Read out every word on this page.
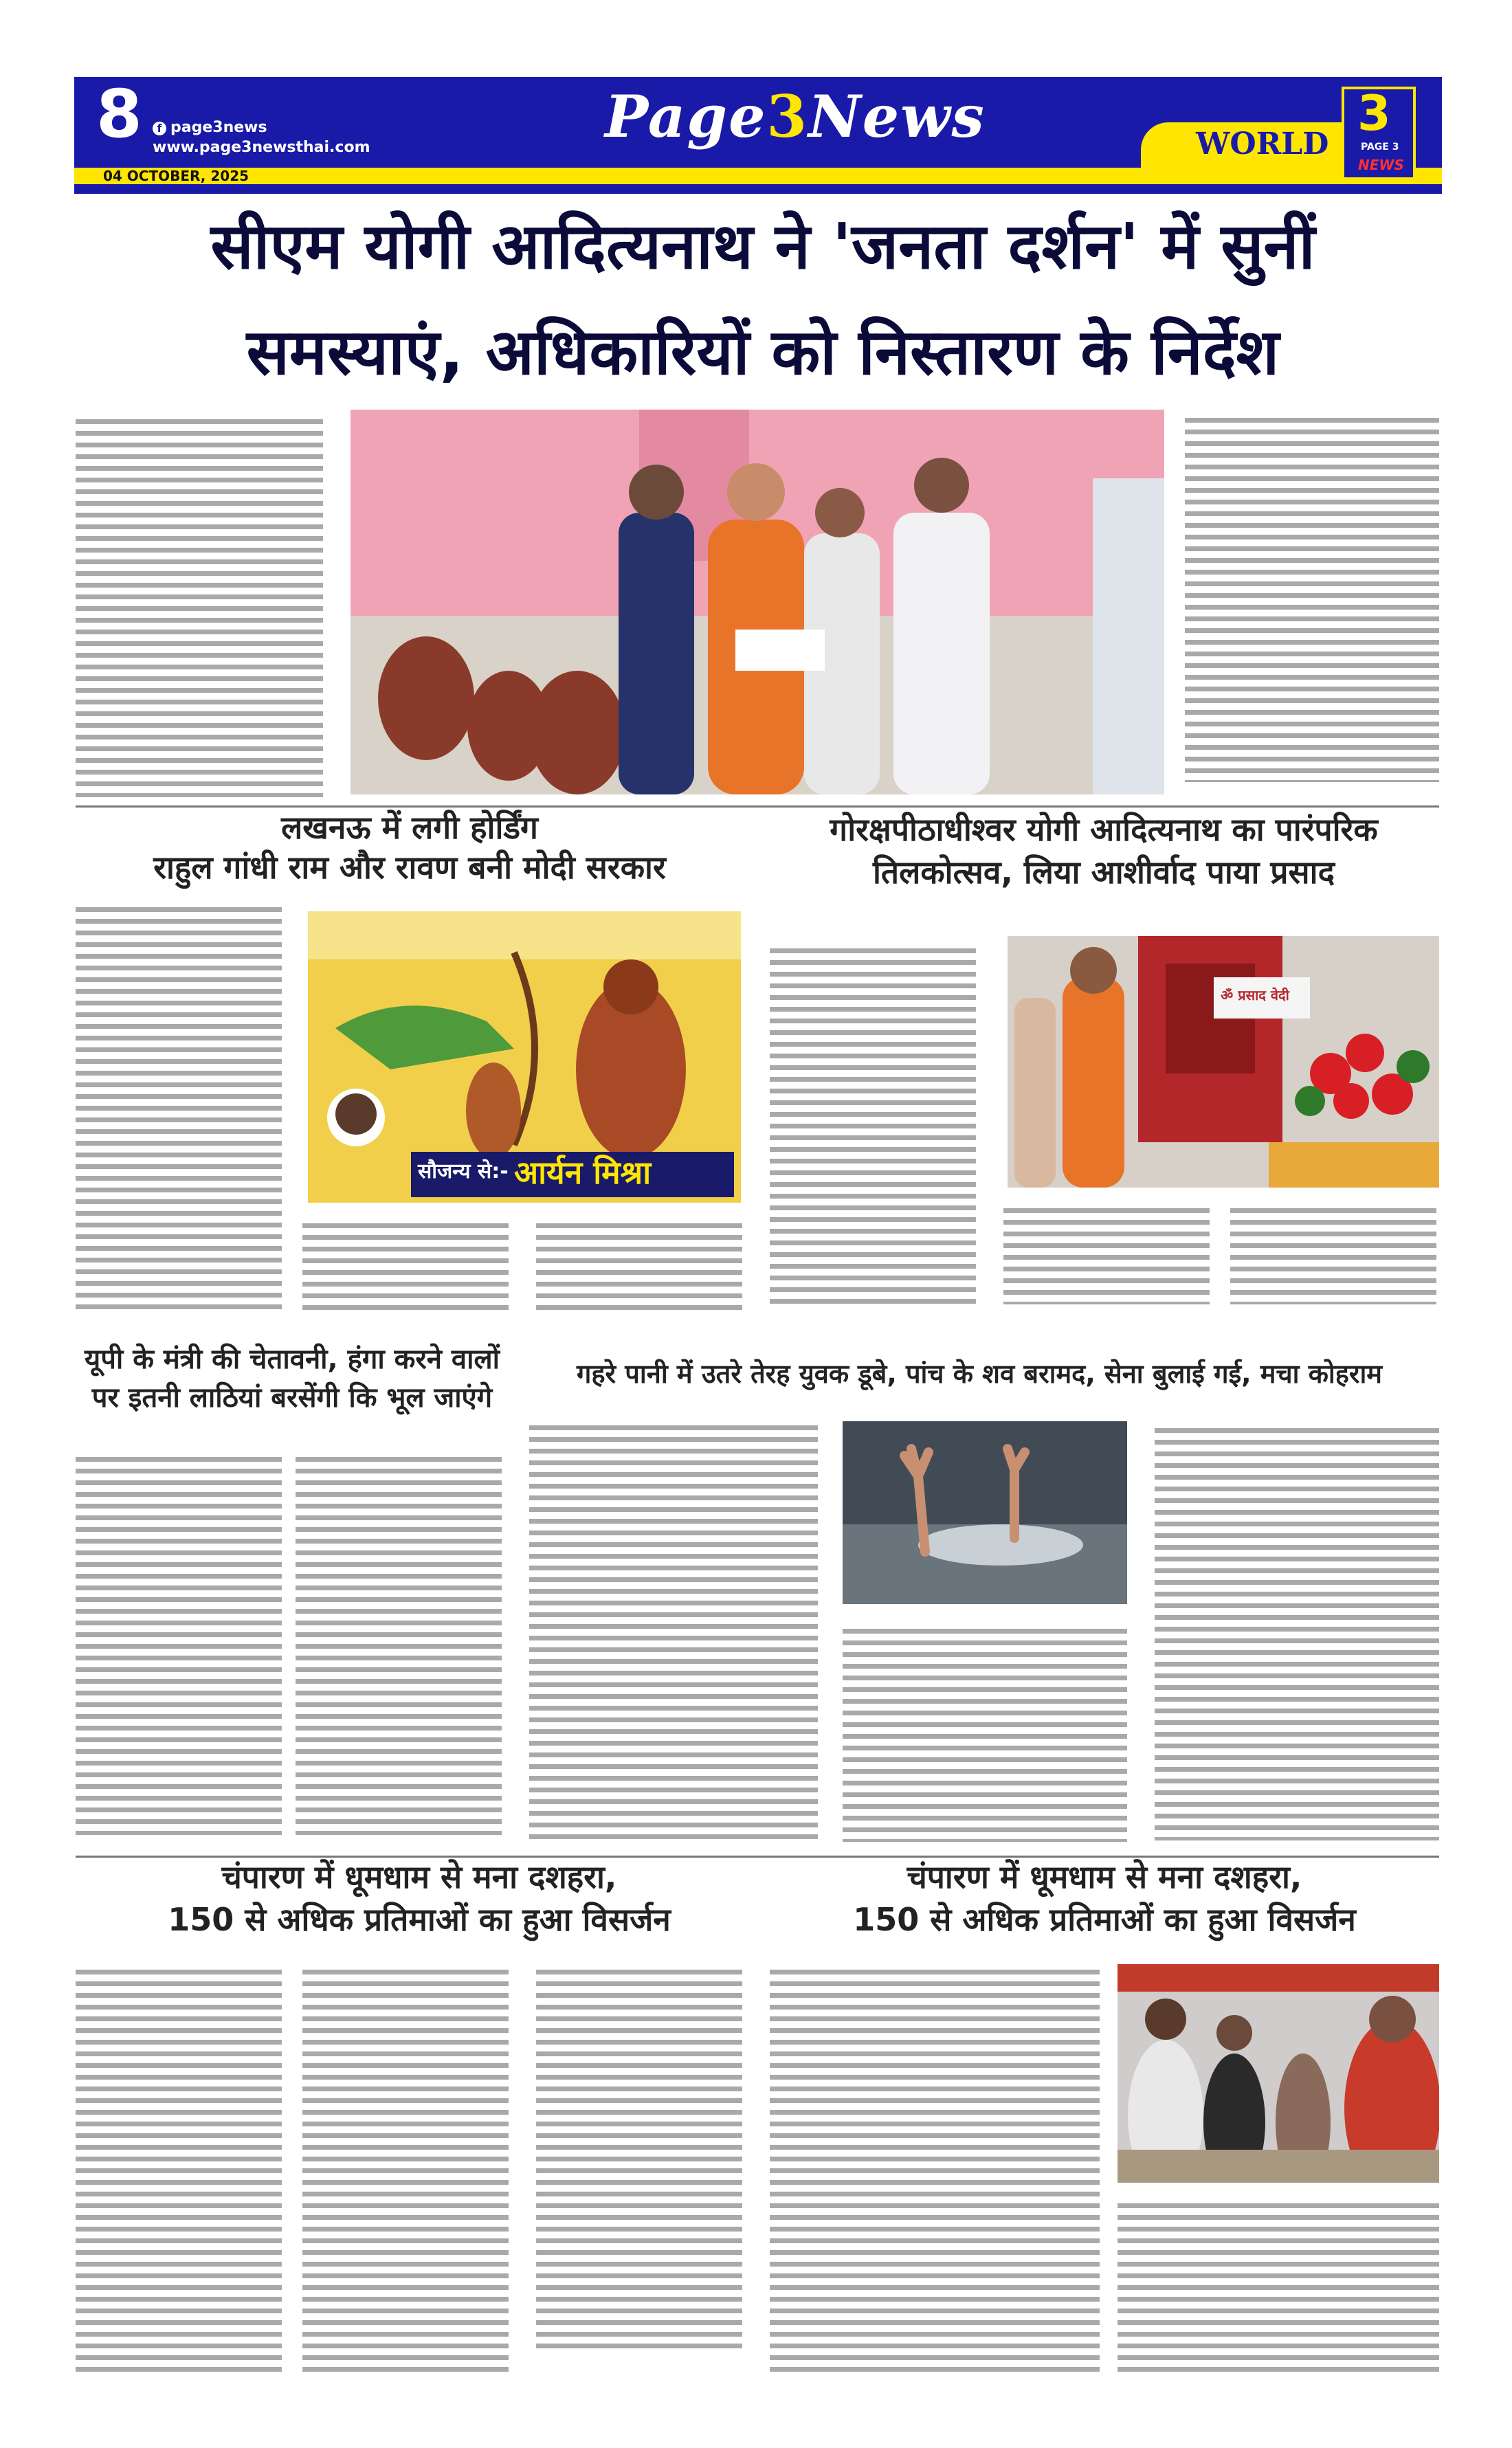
8	f page3news
www.page3newsthai.com
04 OCTOBER, 2025
Page3News	WORLD
3
PAGE 3
NEWS
सीएम योगी आदित्यनाथ ने 'जनता दर्शन' में सुनीं
समस्याएं, अधिकारियों को निस्तारण के निर्देश
लखनऊ में लगी होर्डिंग
राहुल गांधी राम और रावण बनी मोदी सरकार
सौजन्य से:- आर्यन मिश्रा
गोरक्षपीठाधीश्वर योगी आदित्यनाथ का पारंपरिक
तिलकोत्सव, लिया आशीर्वाद पाया प्रसाद
ॐ प्रसाद वेदी
यूपी के मंत्री की चेतावनी, हंगा करने वालों
पर इतनी लाठियां बरसेंगी कि भूल जाएंगे
गहरे पानी में उतरे तेरह युवक डूबे, पांच के शव बरामद, सेना बुलाई गई, मचा कोहराम
चंपारण में धूमधाम से मना दशहरा,
150 से अधिक प्रतिमाओं का हुआ विसर्जन
चंपारण में धूमधाम से मना दशहरा,
150 से अधिक प्रतिमाओं का हुआ विसर्जन
